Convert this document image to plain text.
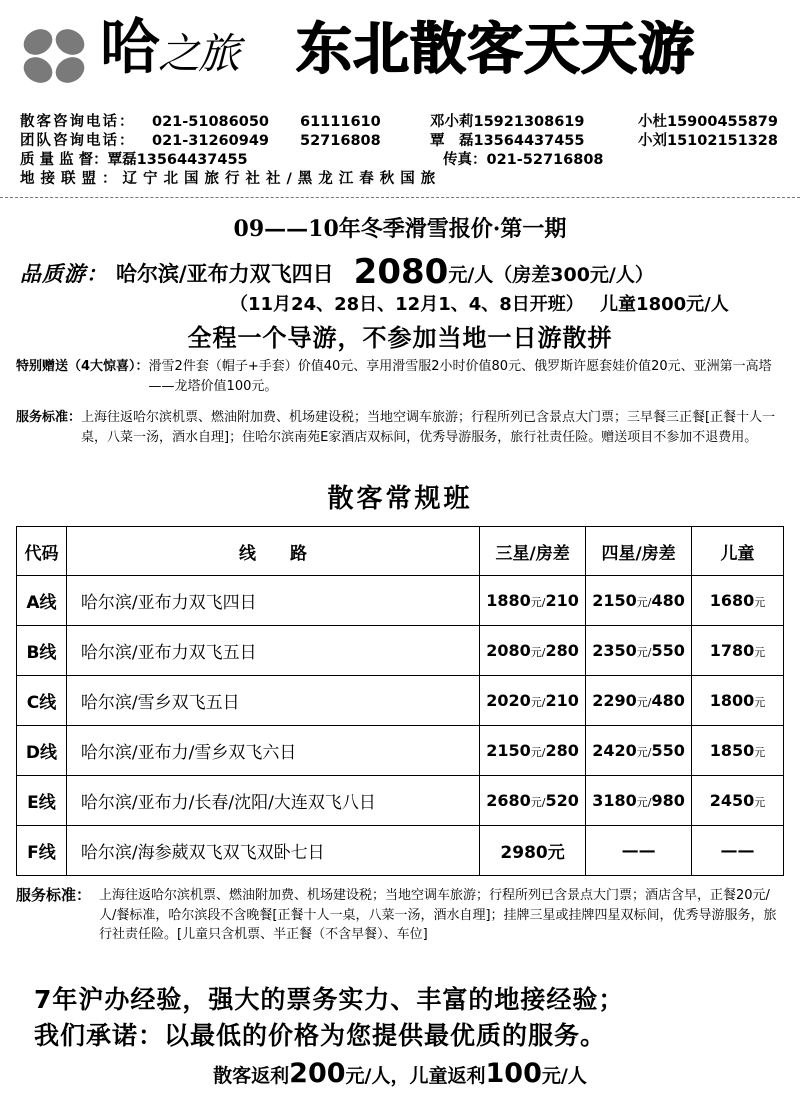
哈之旅 东北散客天天游
散客咨询电话：	021-51086050	61111610	邓小莉15921308619	小杜15900455879
团队咨询电话：	021-31260949	52716808	覃　磊13564437455	小刘15102151328
质 量 监 督：覃磊13564437455	传真：021-52716808
地接联盟：辽宁北国旅行社社/黑龙江春秋国旅
09——10年冬季滑雪报价·第一期
品质游： 哈尔滨/亚布力双飞四日 2080元/人（房差300元/人）
（11月24、28日、12月1、4、8日开班） 儿童1800元/人
全程一个导游，不参加当地一日游散拼
特别赠送（4大惊喜）： 滑雪2件套（帽子+手套）价值40元、享用滑雪服2小时价值80元、俄罗斯许愿套娃价值20元、亚洲第一高塔——龙塔价值100元。
服务标准： 上海往返哈尔滨机票、燃油附加费、机场建设税；当地空调车旅游；行程所列已含景点大门票；三早餐三正餐[正餐十人一桌，八菜一汤，酒水自理]；住哈尔滨南苑E家酒店双标间，优秀导游服务，旅行社责任险。赠送项目不参加不退费用。
散客常规班
代码	线　　路	三星/房差	四星/房差	儿童
A线	哈尔滨/亚布力双飞四日	1880元/210	2150元/480	1680元
B线	哈尔滨/亚布力双飞五日	2080元/280	2350元/550	1780元
C线	哈尔滨/雪乡双飞五日	2020元/210	2290元/480	1800元
D线	哈尔滨/亚布力/雪乡双飞六日	2150元/280	2420元/550	1850元
E线	哈尔滨/亚布力/长春/沈阳/大连双飞八日	2680元/520	3180元/980	2450元
F线	哈尔滨/海参葳双飞双飞双卧七日	2980元	——	——
服务标准： 上海往返哈尔滨机票、燃油附加费、机场建设税；当地空调车旅游；行程所列已含景点大门票；酒店含早，正餐20元/人/餐标准，哈尔滨段不含晚餐[正餐十人一桌，八菜一汤，酒水自理]；挂牌三星或挂牌四星双标间，优秀导游服务，旅行社责任险。[儿童只含机票、半正餐（不含早餐）、车位]
7年沪办经验，强大的票务实力、丰富的地接经验；
我们承诺：以最低的价格为您提供最优质的服务。
散客返利200元/人，儿童返利100元/人
